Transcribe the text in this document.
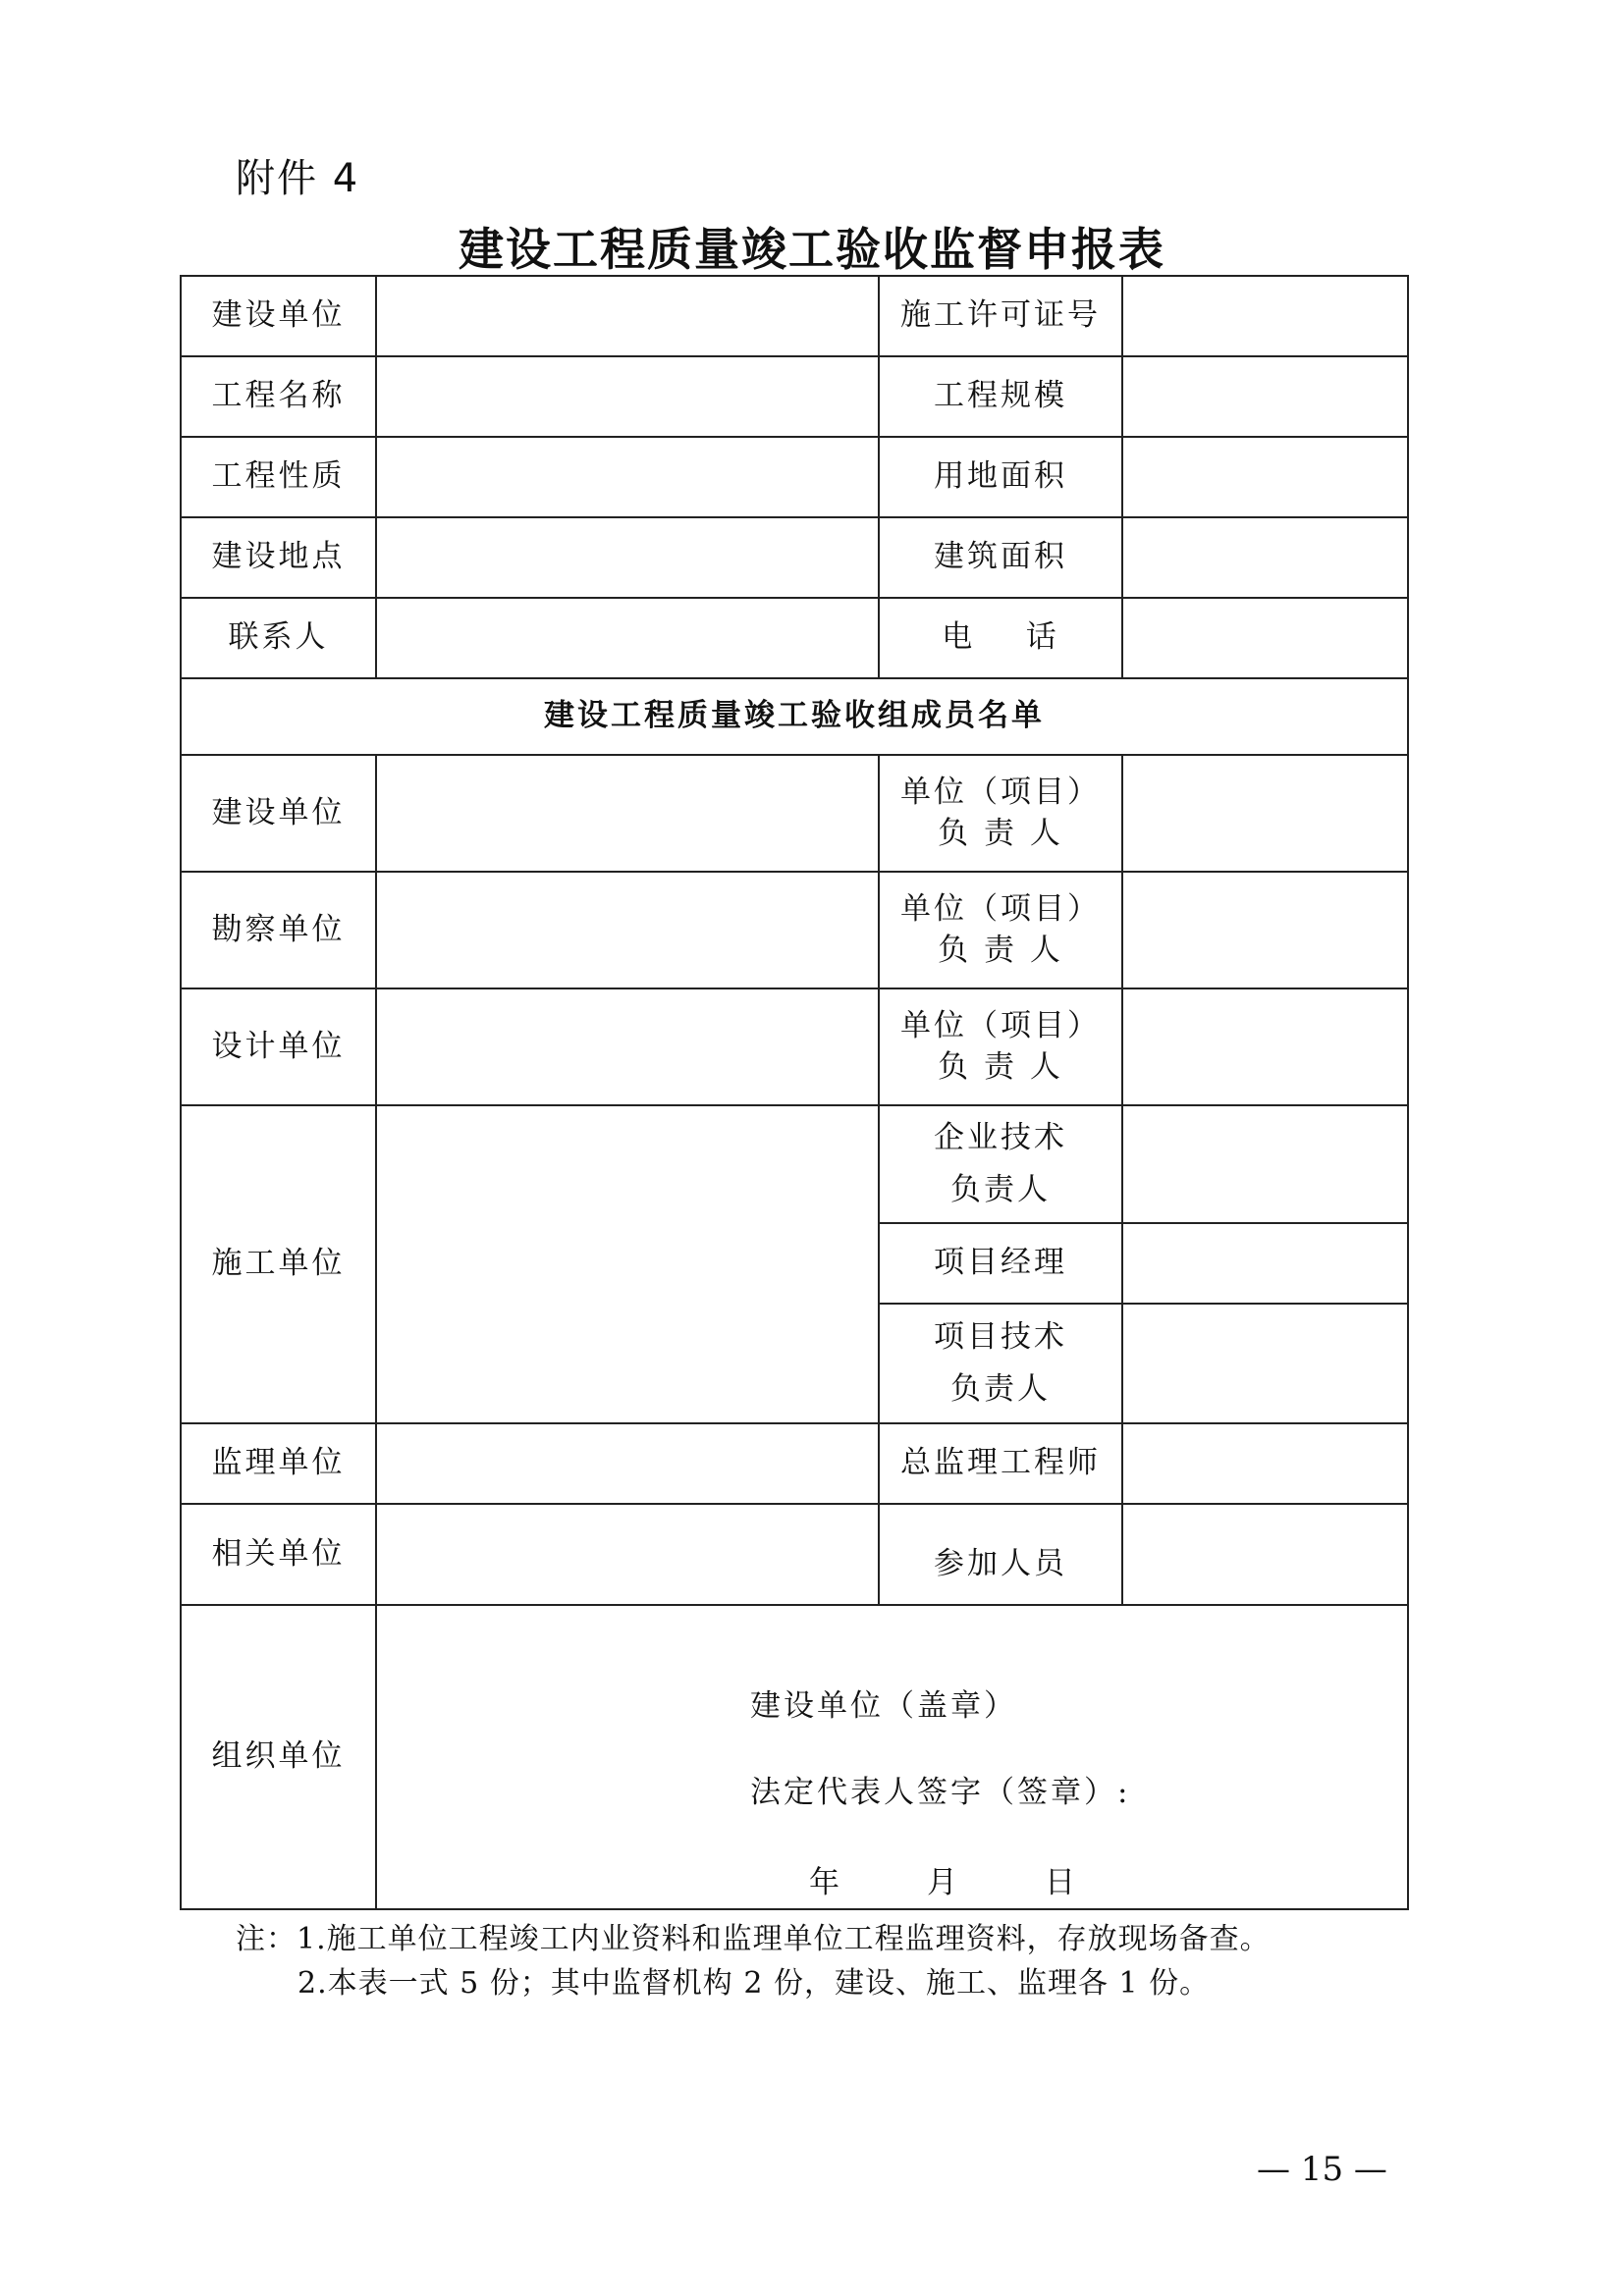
附件 4
建设工程质量竣工验收监督申报表
建设单位		施工许可证号	
工程名称		工程规模	
工程性质		用地面积	
建设地点		建筑面积	
联系人		电    话	
建设工程质量竣工验收组成员名单			
建设单位		单位（项目）
负 责 人	

勘察单位		单位（项目）
负 责 人	

设计单位		单位（项目）
负 责 人	

施工单位		企业技术
负责人	

		项目经理	

		项目技术
负责人	

监理单位		总监理工程师	
相关单位		参加人员	
组织单位	建设单位（盖章）
法定代表人签字（签章）:
年 月 日		
注：1.施工单位工程竣工内业资料和监理单位工程监理资料，存放现场备查。
2.本表一式 5 份；其中监督机构 2 份，建设、施工、监理各 1 份。
— 15 —
